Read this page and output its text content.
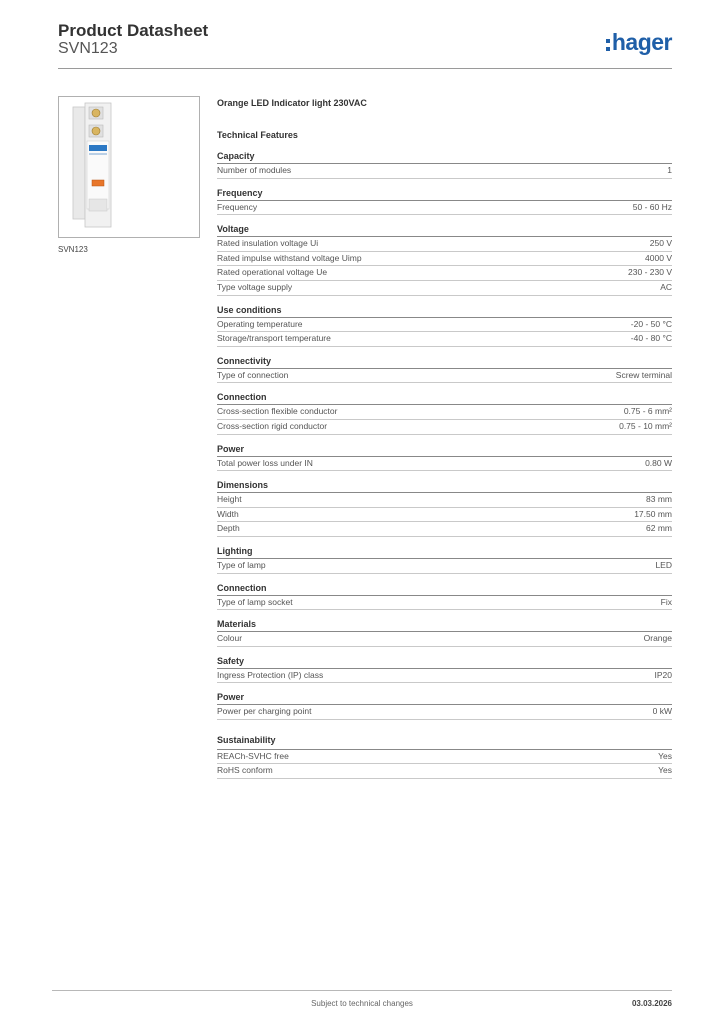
Product Datasheet
SVN123	hager
SVN123
Orange LED Indicator light 230VAC
Technical Features
Capacity
Number of modules	1
Frequency
Frequency	50 - 60 Hz
Voltage
Rated insulation voltage Ui	250 V
Rated impulse withstand voltage Uimp	4000 V
Rated operational voltage Ue	230 - 230 V
Type voltage supply	AC
Use conditions
Operating temperature	-20 - 50 °C
Storage/transport temperature	-40 - 80 °C
Connectivity
Type of connection	Screw terminal
Connection
Cross-section flexible conductor	0.75 - 6 mm²
Cross-section rigid conductor	0.75 - 10 mm²
Power
Total power loss under IN	0.80 W
Dimensions
Height	83 mm
Width	17.50 mm
Depth	62 mm
Lighting
Type of lamp	LED
Connection
Type of lamp socket	Fix
Materials
Colour	Orange
Safety
Ingress Protection (IP) class	IP20
Power
Power per charging point	0 kW
Sustainability
REACh-SVHC free	Yes
RoHS conform	Yes
Subject to technical changes	03.03.2026
